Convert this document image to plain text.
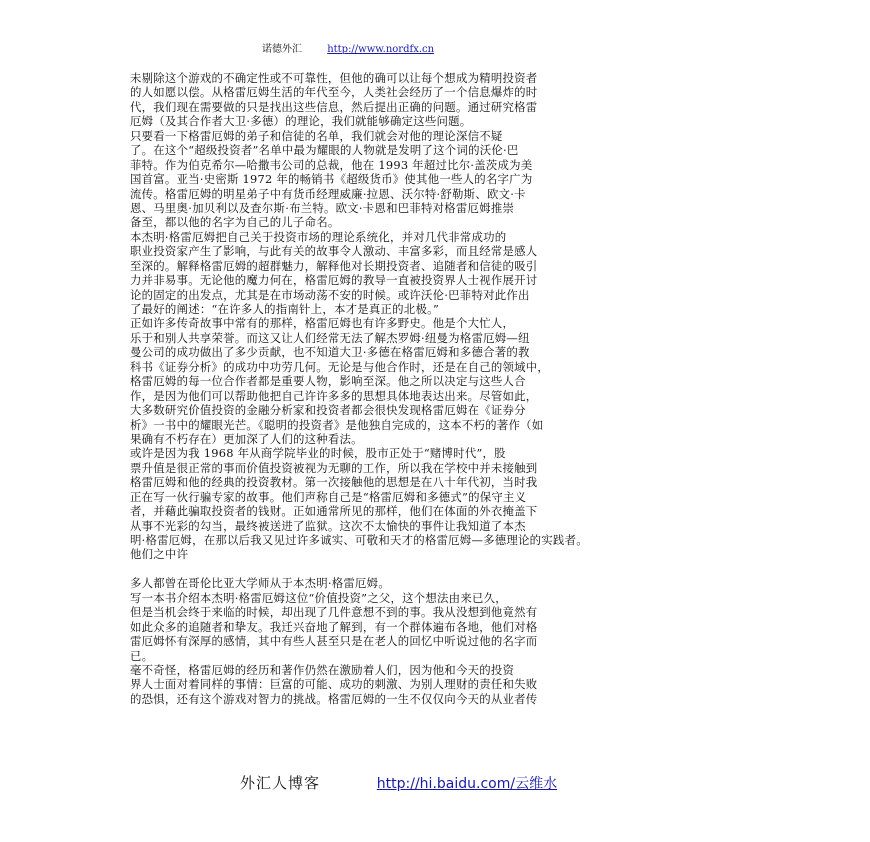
诺德外汇	http://www.nordfx.cn
未剔除这个游戏的不确定性或不可靠性，但他的确可以让每个想成为精明投资者
的人如愿以偿。从格雷厄姆生活的年代至今，人类社会经历了一个信息爆炸的时
代，我们现在需要做的只是找出这些信息，然后提出正确的问题。通过研究格雷
厄姆（及其合作者大卫·多德）的理论，我们就能够确定这些问题。
只要看一下格雷厄姆的弟子和信徒的名单，我们就会对他的理论深信不疑
了。在这个“超级投资者”名单中最为耀眼的人物就是发明了这个词的沃伦·巴
菲特。作为伯克希尔—哈撒韦公司的总裁，他在 1993 年超过比尔·盖茨成为美
国首富。亚当·史密斯 1972 年的畅销书《超级货币》使其他一些人的名字广为
流传。格雷厄姆的明星弟子中有货币经理威廉·拉恩、沃尔特·舒勒斯、欧文·卡
恩、马里奥·加贝利以及查尔斯·布兰特。欧文·卡恩和巴菲特对格雷厄姆推崇
备至，都以他的名字为自己的儿子命名。
本杰明·格雷厄姆把自己关于投资市场的理论系统化，并对几代非常成功的
职业投资家产生了影响，与此有关的故事令人激动、丰富多彩，而且经常是感人
至深的。解释格雷厄姆的超群魅力，解释他对长期投资者、追随者和信徒的吸引
力并非易事。无论他的魔力何在，格雷厄姆的教导一直被投资界人士视作展开讨
论的固定的出发点，尤其是在市场动荡不安的时候。或许沃伦·巴菲特对此作出
了最好的阐述：“在许多人的指南针上，本才是真正的北极。”
正如许多传奇故事中常有的那样，格雷厄姆也有许多野史。他是个大忙人，
乐于和别人共享荣誉。而这又让人们经常无法了解杰罗姆·纽曼为格雷厄姆—纽
曼公司的成功做出了多少贡献，也不知道大卫·多德在格雷厄姆和多德合著的教
科书《证券分析》的成功中功劳几何。无论是与他合作时，还是在自己的领域中，
格雷厄姆的每一位合作者都是重要人物，影响至深。他之所以决定与这些人合
作，是因为他们可以帮助他把自己许许多多的思想具体地表达出来。尽管如此，
大多数研究价值投资的金融分析家和投资者都会很快发现格雷厄姆在《证券分
析》一书中的耀眼光芒。《聪明的投资者》是他独自完成的，这本不朽的著作（如
果确有不朽存在）更加深了人们的这种看法。
或许是因为我 1968 年从商学院毕业的时候，股市正处于“赌博时代”，股
票升值是很正常的事而价值投资被视为无聊的工作，所以我在学校中并未接触到
格雷厄姆和他的经典的投资教材。第一次接触他的思想是在八十年代初，当时我
正在写一伙行骗专家的故事。他们声称自己是“格雷厄姆和多德式”的保守主义
者，并藉此骗取投资者的钱财。正如通常所见的那样，他们在体面的外衣掩盖下
从事不光彩的勾当，最终被送进了监狱。这次不太愉快的事件让我知道了本杰
明·格雷厄姆，在那以后我又见过许多诚实、可敬和天才的格雷厄姆—多德理论的实践者。
他们之中许
多人都曾在哥伦比亚大学师从于本杰明·格雷厄姆。
写一本书介绍本杰明·格雷厄姆这位“价值投资”之父，这个想法由来已久，
但是当机会终于来临的时候，却出现了几件意想不到的事。我从没想到他竟然有
如此众多的追随者和挚友。我迁兴奋地了解到，有一个群体遍布各地，他们对格
雷厄姆怀有深厚的感情，其中有些人甚至只是在老人的回忆中听说过他的名字而
已。
毫不奇怪，格雷厄姆的经历和著作仍然在激励着人们，因为他和今天的投资
界人士面对着同样的事情：巨富的可能、成功的刺激、为别人理财的责任和失败
的恐惧，还有这个游戏对智力的挑战。格雷厄姆的一生不仅仅向今天的从业者传
外汇人博客	http://hi.baidu.com/云维水
